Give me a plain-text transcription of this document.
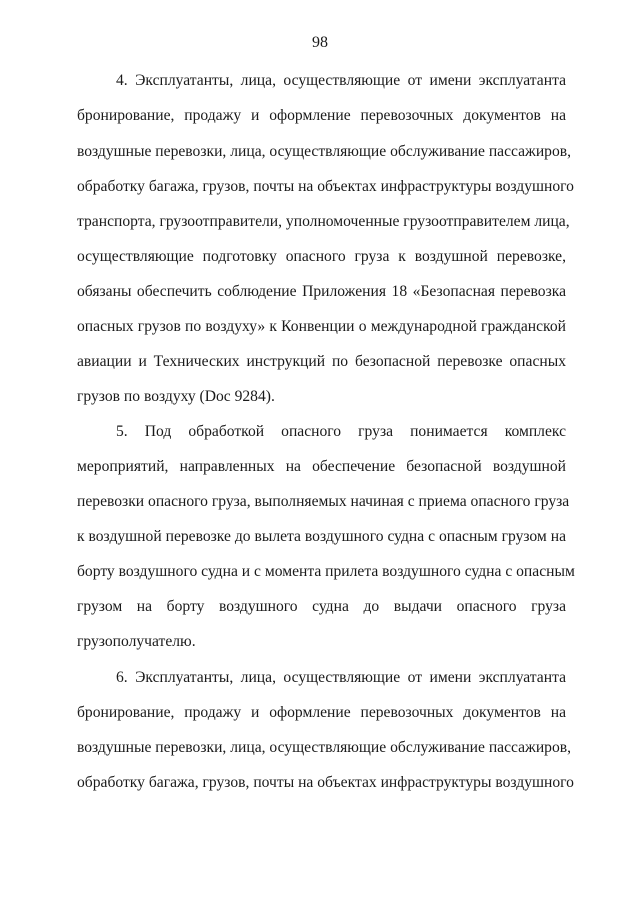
98
4. Эксплуатанты, лица, осуществляющие от имени эксплуатанта
бронирование, продажу и оформление перевозочных документов на
воздушные перевозки, лица, осуществляющие обслуживание пассажиров,
обработку багажа, грузов, почты на объектах инфраструктуры воздушного
транспорта, грузоотправители, уполномоченные грузоотправителем лица,
осуществляющие подготовку опасного груза к воздушной перевозке,
обязаны обеспечить соблюдение Приложения 18 «Безопасная перевозка
опасных грузов по воздуху» к Конвенции о международной гражданской
авиации и Технических инструкций по безопасной перевозке опасных
грузов по воздуху (Doc 9284).
5. Под обработкой опасного груза понимается комплекс
мероприятий, направленных на обеспечение безопасной воздушной
перевозки опасного груза, выполняемых начиная с приема опасного груза
к воздушной перевозке до вылета воздушного судна с опасным грузом на
борту воздушного судна и с момента прилета воздушного судна с опасным
грузом на борту воздушного судна до выдачи опасного груза
грузополучателю.
6. Эксплуатанты, лица, осуществляющие от имени эксплуатанта
бронирование, продажу и оформление перевозочных документов на
воздушные перевозки, лица, осуществляющие обслуживание пассажиров,
обработку багажа, грузов, почты на объектах инфраструктуры воздушного
